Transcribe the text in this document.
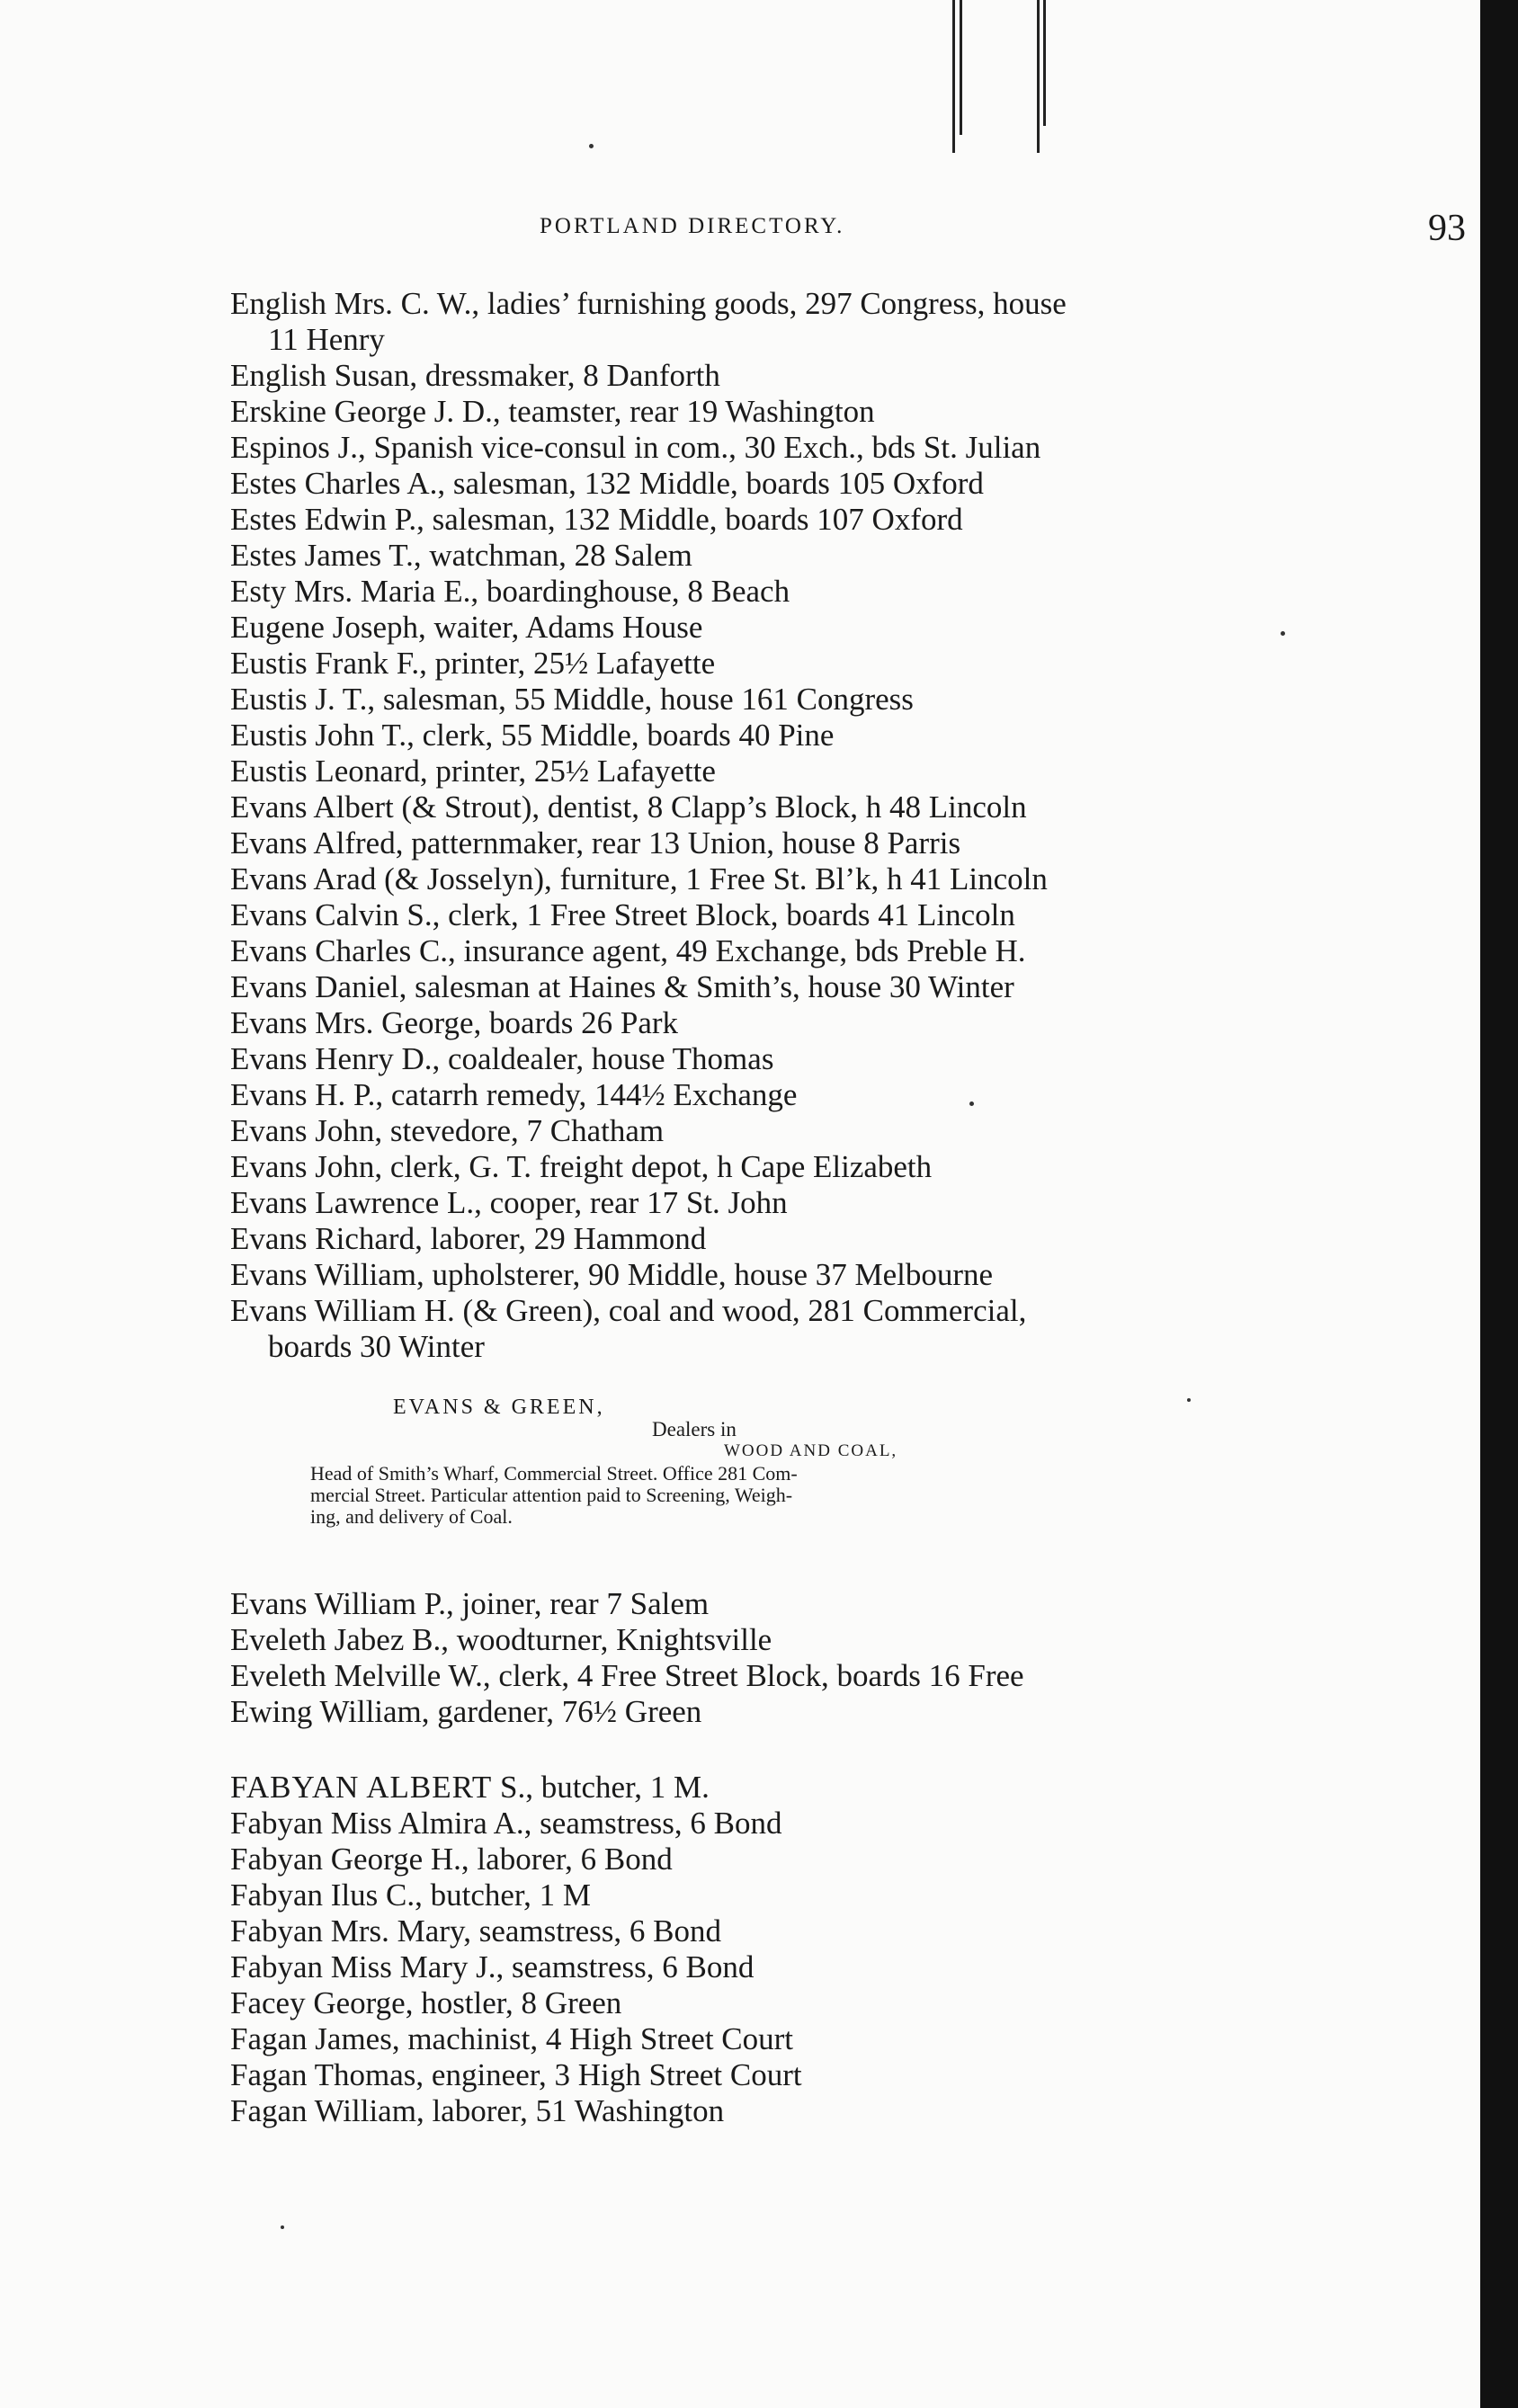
PORTLAND DIRECTORY.	93
English Mrs. C. W., ladies’ furnishing goods, 297 Congress, house
11 Henry
English Susan, dressmaker, 8 Danforth
Erskine George J. D., teamster, rear 19 Washington
Espinos J., Spanish vice-consul in com., 30 Exch., bds St. Julian
Estes Charles A., salesman, 132 Middle, boards 105 Oxford
Estes Edwin P., salesman, 132 Middle, boards 107 Oxford
Estes James T., watchman, 28 Salem
Esty Mrs. Maria E., boardinghouse, 8 Beach
Eugene Joseph, waiter, Adams House
Eustis Frank F., printer, 25½ Lafayette
Eustis J. T., salesman, 55 Middle, house 161 Congress
Eustis John T., clerk, 55 Middle, boards 40 Pine
Eustis Leonard, printer, 25½ Lafayette
Evans Albert (& Strout), dentist, 8 Clapp’s Block, h 48 Lincoln
Evans Alfred, patternmaker, rear 13 Union, house 8 Parris
Evans Arad (& Josselyn), furniture, 1 Free St. Bl’k, h 41 Lincoln
Evans Calvin S., clerk, 1 Free Street Block, boards 41 Lincoln
Evans Charles C., insurance agent, 49 Exchange, bds Preble H.
Evans Daniel, salesman at Haines & Smith’s, house 30 Winter
Evans Mrs. George, boards 26 Park
Evans Henry D., coaldealer, house Thomas
Evans H. P., catarrh remedy, 144½ Exchange
Evans John, stevedore, 7 Chatham
Evans John, clerk, G. T. freight depot, h Cape Elizabeth
Evans Lawrence L., cooper, rear 17 St. John
Evans Richard, laborer, 29 Hammond
Evans William, upholsterer, 90 Middle, house 37 Melbourne
Evans William H. (& Green), coal and wood, 281 Commercial,
boards 30 Winter
EVANS & GREEN,
Dealers in
WOOD AND COAL,
Head of Smith’s Wharf, Commercial Street. Office 281 Com-
mercial Street. Particular attention paid to Screening, Weigh-
ing, and delivery of Coal.
Evans William P., joiner, rear 7 Salem
Eveleth Jabez B., woodturner, Knightsville
Eveleth Melville W., clerk, 4 Free Street Block, boards 16 Free
Ewing William, gardener, 76½ Green
FABYAN ALBERT S., butcher, 1 M.
Fabyan Miss Almira A., seamstress, 6 Bond
Fabyan George H., laborer, 6 Bond
Fabyan Ilus C., butcher, 1 M
Fabyan Mrs. Mary, seamstress, 6 Bond
Fabyan Miss Mary J., seamstress, 6 Bond
Facey George, hostler, 8 Green
Fagan James, machinist, 4 High Street Court
Fagan Thomas, engineer, 3 High Street Court
Fagan William, laborer, 51 Washington
